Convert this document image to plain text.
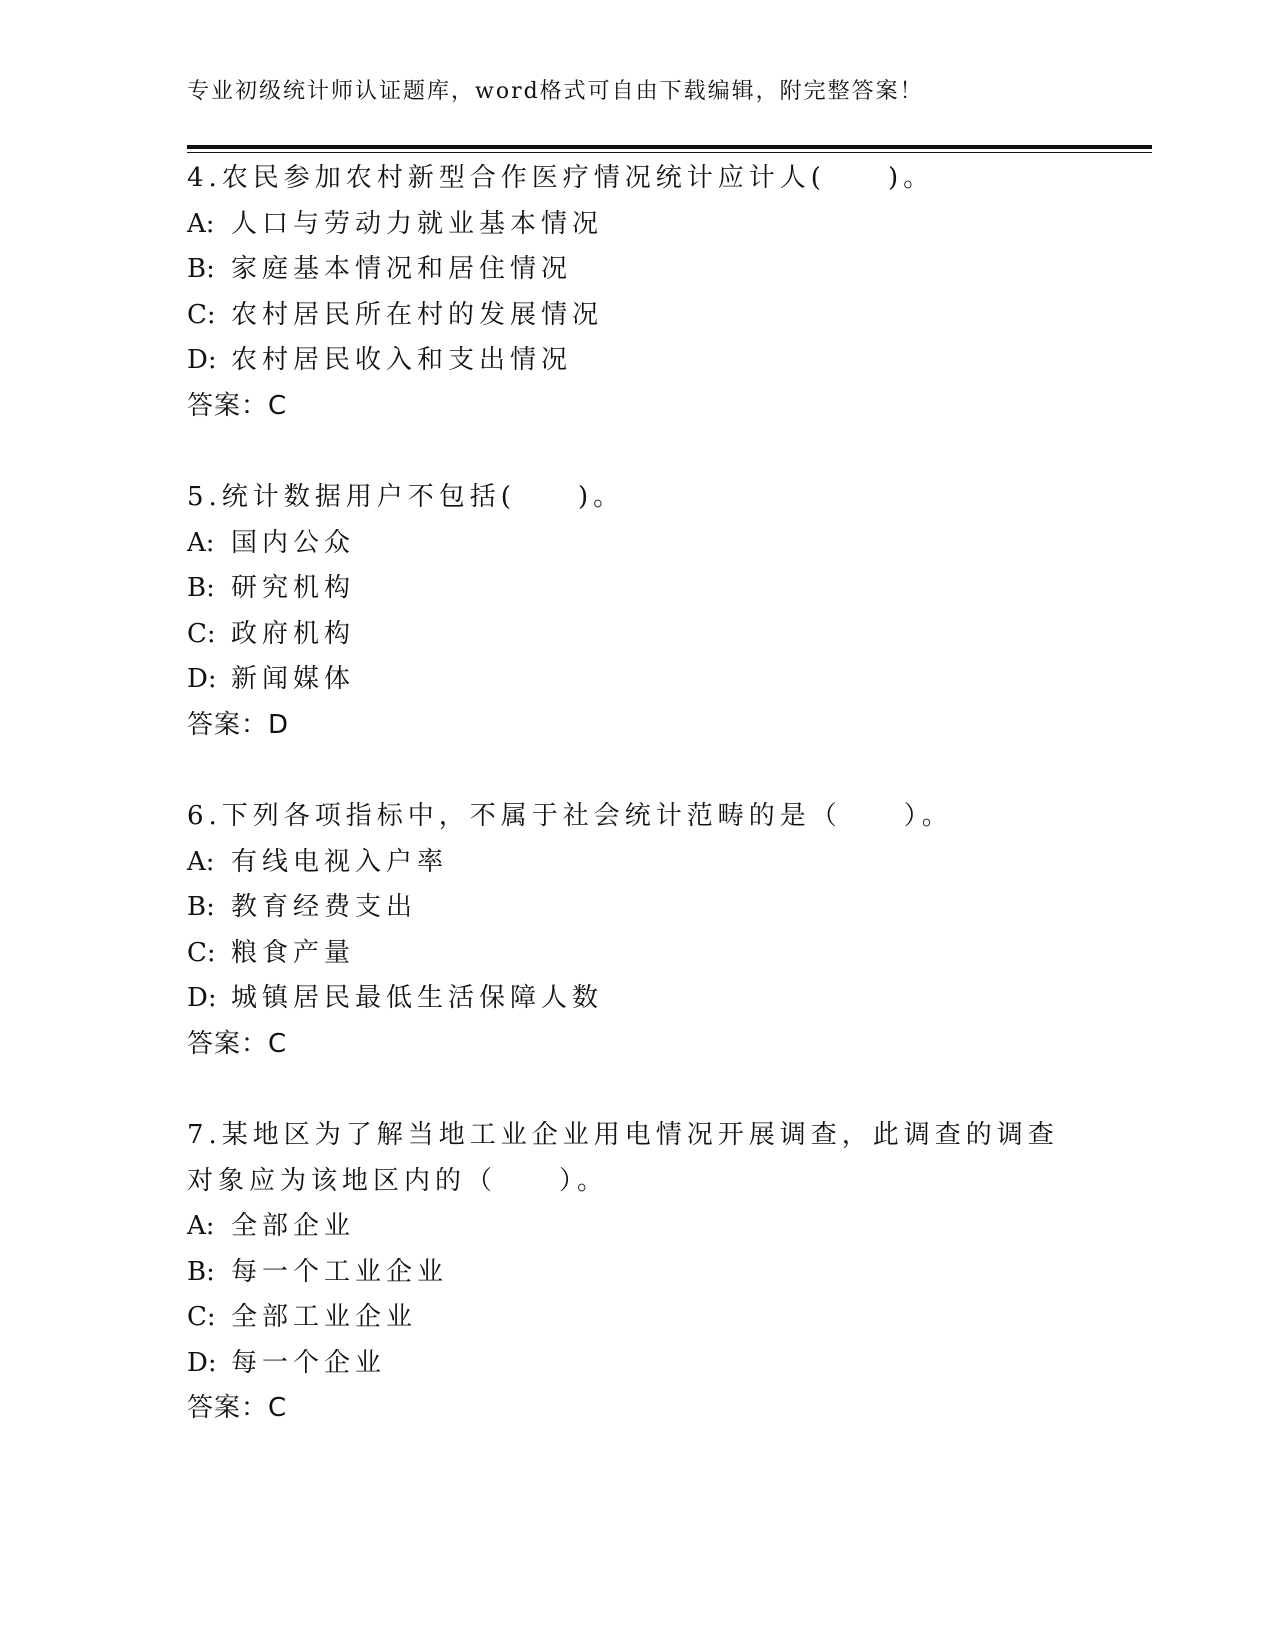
专业初级统计师认证题库，word格式可自由下载编辑，附完整答案！

4.农民参加农村新型合作医疗情况统计应计人(　　)。

A: 人口与劳动力就业基本情况

B: 家庭基本情况和居住情况

C: 农村居民所在村的发展情况

D: 农村居民收入和支出情况

答案：C

5.统计数据用户不包括(　　)。

A: 国内公众

B: 研究机构

C: 政府机构

D: 新闻媒体

答案：D

6.下列各项指标中，不属于社会统计范畴的是（　　）。

A: 有线电视入户率

B: 教育经费支出

C: 粮食产量

D: 城镇居民最低生活保障人数

答案：C

7.某地区为了解当地工业企业用电情况开展调查，此调查的调查对象应为该地区内的（　　）。

A: 全部企业

B: 每一个工业企业

C: 全部工业企业

D: 每一个企业

答案：C
